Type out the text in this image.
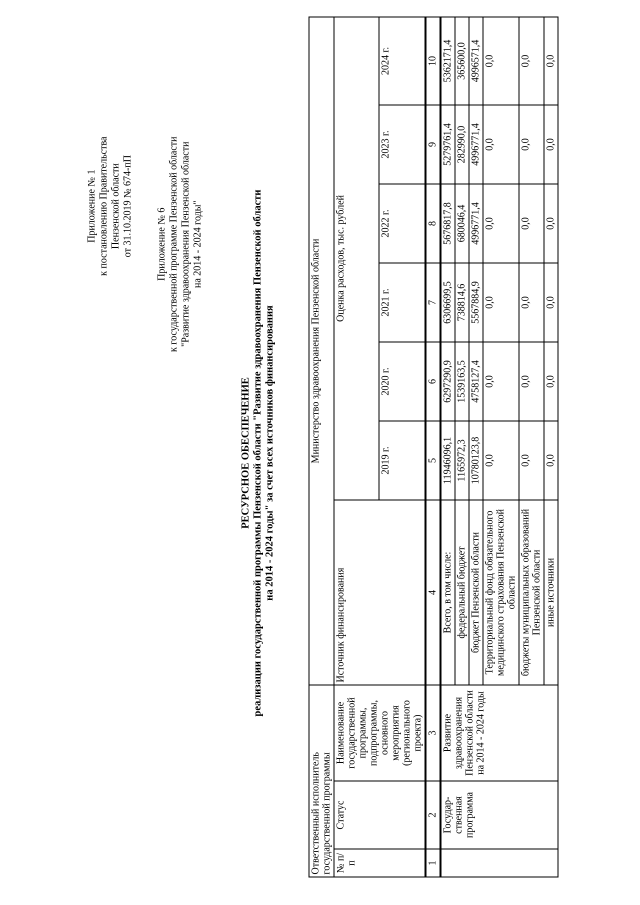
Приложение № 1 к постановлению Правительства Пензенской области от 31.10.2019 № 674-пП Приложение № 6 к государственной программе Пензенской области "Развитие здравоохранения Пензенской области на 2014 - 2024 годы"
РЕСУРСНОЕ ОБЕСПЕЧЕНИЕ реализации государственной программы Пензенской области "Развитие здравоохранения Пензенской области на 2014 - 2024 годы" за счет всех источников финансирования
Ответственный исполнитель государственной программы			Министерство здравоохранения Пензенской области						
№ п/п	Статус	Наименование государственной программы, подпрограммы, основного мероприятия (регионального проекта)	Источник финансирования	Оценка расходов, тыс. рублей					
				2019 г.	2020 г.	2021 г.	2022 г.	2023 г.	2024 г.
1	2	3	4	5	6	7	8	9	10
	Государ-ственная программа	Развитие здравоохранения Пензенской области на 2014 - 2024 годы	Всего, в том числе:	11946096,1	6297290,9	6306699,5	5676817,8	5279761,4	5362171,4
			федеральный бюджет	1165972,3	1539163,5	738814,6	680046,4	282990,0	365600,0
			бюджет Пензенской области	10780123,8	4758127,4	5567884,9	4996771,4	4996771,4	4996571,4
			Территориальный фонд обязательного медицинского страхования Пензенской области	0,0	0,0	0,0	0,0	0,0	0,0
			бюджеты муниципальных образований Пензенской области	0,0	0,0	0,0	0,0	0,0	0,0
			иные источники	0,0	0,0	0,0	0,0	0,0	0,0
